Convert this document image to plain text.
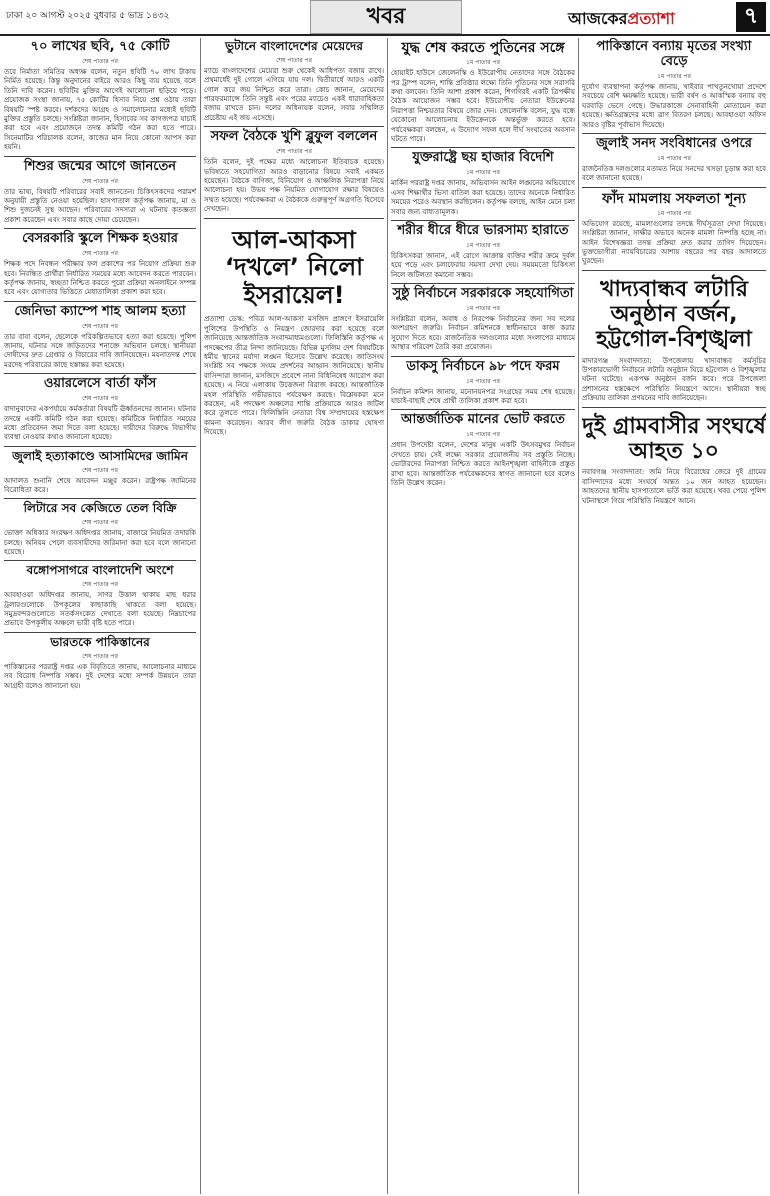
ঢাকা ২০ আগস্ট ২০২৫ বুধবার ৫ ভাদ্র ১৪৩২	খবর	আজকেরপ্রত্যাশা	৭
৭০ লাখের ছবি, ৭৫ কোটি
শেষ পাতার পর

তবে নির্মাতা সমিতির অধ্যক্ষ বলেন, নতুন ছবিটি ৭০ লাখ টাকায় নির্মিত হয়েছে। কিন্তু অনুদানের বাইরে আরও কিছু ব্যয় হয়েছে বলে তিনি দাবি করেন। ছবিটির মুক্তির আগেই আলোচনা ছড়িয়ে পড়ে। প্রযোজক সংস্থা জানায়, ৭৫ কোটির হিসাব নিয়ে প্রশ্ন ওঠায় তারা বিষয়টি স্পষ্ট করবে। দর্শকদের আগ্রহ ও সমালোচনার মধ্যেই ছবিটি মুক্তির প্রস্তুতি চলছে। সংশ্লিষ্টরা জানান, হিসাবের সব কাগজপত্র যাচাই করা হবে এবং প্রয়োজনে তদন্ত কমিটি গঠন করা হতে পারে। সিনেমাটির পরিচালক বলেন, কাজের মান নিয়ে কোনো আপস করা হয়নি।

শিশুর জন্মের আগে জানতেন
শেষ পাতার পর

তার ভাষ্য, বিষয়টি পরিবারের সবাই জানতেন। চিকিৎসকদের পরামর্শ অনুযায়ী প্রস্তুতি নেওয়া হয়েছিল। হাসপাতাল কর্তৃপক্ষ জানায়, মা ও শিশু দুজনেই সুস্থ আছেন। পরিবারের সদস্যরা এ ঘটনায় কৃতজ্ঞতা প্রকাশ করেছেন এবং সবার কাছে দোয়া চেয়েছেন।

বেসরকারি স্কুলে শিক্ষক হওয়ার
শেষ পাতার পর

শিক্ষক পদে নিবন্ধন পরীক্ষার ফল প্রকাশের পর নিয়োগ প্রক্রিয়া শুরু হবে। নিবন্ধিত প্রার্থীরা নির্ধারিত সময়ের মধ্যে আবেদন করতে পারবেন। কর্তৃপক্ষ জানায়, স্বচ্ছতা নিশ্চিত করতে পুরো প্রক্রিয়া অনলাইনে সম্পন্ন হবে এবং যোগ্যতার ভিত্তিতে মেধাতালিকা প্রকাশ করা হবে।

জেনিভা ক্যাম্পে শাহ আলম হত্যা
শেষ পাতার পর

তার বাবা বলেন, ছেলেকে পরিকল্পিতভাবে হত্যা করা হয়েছে। পুলিশ জানায়, ঘটনার সঙ্গে জড়িতদের শনাক্তে অভিযান চলছে। স্থানীয়রা দোষীদের দ্রুত গ্রেপ্তার ও বিচারের দাবি জানিয়েছেন। ময়নাতদন্ত শেষে মরদেহ পরিবারের কাছে হস্তান্তর করা হয়েছে।

ওয়ারলেসে বার্তা ফাঁস
শেষ পাতার পর

বাদানুবাদের একপর্যায়ে কর্মকর্তারা বিষয়টি ঊর্ধ্বতনদের জানান। ঘটনার তদন্তে একটি কমিটি গঠন করা হয়েছে। কমিটিকে নির্ধারিত সময়ের মধ্যে প্রতিবেদন জমা দিতে বলা হয়েছে। দায়ীদের বিরুদ্ধে বিভাগীয় ব্যবস্থা নেওয়ার কথাও জানানো হয়েছে।

জুলাই হত্যাকাণ্ডে আসামিদের জামিন
শেষ পাতার পর

আদালত শুনানি শেষে আবেদন মঞ্জুর করেন। রাষ্ট্রপক্ষ জামিনের বিরোধিতা করে।

লিটারে সব কেজিতে তেল বিক্রি
শেষ পাতার পর

ভোক্তা অধিকার সংরক্ষণ অধিদপ্তর জানায়, বাজারে নিয়মিত তদারকি চলছে। অনিয়ম পেলে ব্যবসায়ীদের জরিমানা করা হবে বলে জানানো হয়েছে।

বঙ্গোপসাগরে বাংলাদেশি অংশে
শেষ পাতার পর

আবহাওয়া অধিদপ্তর জানায়, সাগর উত্তাল থাকায় মাছ ধরার ট্রলারগুলোকে উপকূলের কাছাকাছি থাকতে বলা হয়েছে। সমুদ্রবন্দরগুলোতে সতর্কসংকেত দেখাতে বলা হয়েছে। নিম্নচাপের প্রভাবে উপকূলীয় অঞ্চলে ভারী বৃষ্টি হতে পারে।

ভারতকে পাকিস্তানের
শেষ পাতার পর

পাকিস্তানের পররাষ্ট্র দপ্তর এক বিবৃতিতে জানায়, আলোচনার মাধ্যমে সব বিরোধ নিষ্পত্তি সম্ভব। দুই দেশের মধ্যে সম্পর্ক উন্নয়নে তারা আগ্রহী বলেও জানানো হয়।

ভুটানে বাংলাদেশের মেয়েদের
শেষ পাতার পর

ম্যাচে বাংলাদেশের মেয়েরা শুরু থেকেই আধিপত্য বজায় রাখে। প্রথমার্ধেই দুই গোলে এগিয়ে যায় দল। দ্বিতীয়ার্ধে আরও একটি গোল করে জয় নিশ্চিত করে তারা। কোচ জানান, মেয়েদের পারফরম্যান্সে তিনি সন্তুষ্ট এবং পরের ম্যাচেও একই ধারাবাহিকতা বজায় রাখতে চান। দলের অধিনায়ক বলেন, সবার সম্মিলিত প্রচেষ্টায় এই জয় এসেছে।

সফল বৈঠকে খুশি ব্লুফুল বললেন
শেষ পাতার পর

তিনি বলেন, দুই পক্ষের মধ্যে আলোচনা ইতিবাচক হয়েছে। ভবিষ্যতে সহযোগিতা আরও বাড়ানোর বিষয়ে সবাই একমত হয়েছেন। বৈঠকে বাণিজ্য, বিনিয়োগ ও আঞ্চলিক নিরাপত্তা নিয়ে আলোচনা হয়। উভয় পক্ষ নিয়মিত যোগাযোগ রক্ষার বিষয়েও সম্মত হয়েছে। পর্যবেক্ষকরা এ বৈঠককে গুরুত্বপূর্ণ অগ্রগতি হিসেবে দেখছেন।

আল-আকসা ‘দখলে’ নিলো ইসরায়েল!

প্রত্যাশা ডেস্ক: পবিত্র আল-আকসা মসজিদ প্রাঙ্গণে ইসরায়েলি পুলিশের উপস্থিতি ও নিয়ন্ত্রণ জোরদার করা হয়েছে বলে জানিয়েছে আন্তর্জাতিক সংবাদমাধ্যমগুলো। ফিলিস্তিনি কর্তৃপক্ষ এ পদক্ষেপের তীব্র নিন্দা জানিয়েছে। বিভিন্ন মুসলিম দেশ বিষয়টিকে ধর্মীয় স্থানের মর্যাদা লঙ্ঘন হিসেবে উল্লেখ করেছে। জাতিসংঘ সংশ্লিষ্ট সব পক্ষকে সংযম প্রদর্শনের আহ্বান জানিয়েছে। স্থানীয় বাসিন্দারা জানান, মসজিদে প্রবেশে নানা বিধিনিষেধ আরোপ করা হয়েছে। এ নিয়ে এলাকায় উত্তেজনা বিরাজ করছে। আন্তর্জাতিক মহল পরিস্থিতি গভীরভাবে পর্যবেক্ষণ করছে। বিশ্লেষকরা মনে করছেন, এই পদক্ষেপ অঞ্চলের শান্তি প্রক্রিয়াকে আরও জটিল করে তুলতে পারে। ফিলিস্তিনি নেতারা বিশ্ব সম্প্রদায়ের হস্তক্ষেপ কামনা করেছেন। আরব লীগ জরুরি বৈঠক ডাকার ঘোষণা দিয়েছে।

যুদ্ধ শেষ করতে পুতিনের সঙ্গে
১ম পাতার পর

হোয়াইট হাউসে জেলেনস্কি ও ইউরোপীয় নেতাদের সঙ্গে বৈঠকের পর ট্রাম্প বলেন, শান্তি প্রতিষ্ঠার লক্ষ্যে তিনি পুতিনের সঙ্গে সরাসরি কথা বলবেন। তিনি আশা প্রকাশ করেন, শিগগিরই একটি ত্রিপক্ষীয় বৈঠক আয়োজন সম্ভব হবে। ইউরোপীয় নেতারা ইউক্রেনের নিরাপত্তা নিশ্চয়তার বিষয়ে জোর দেন। জেলেনস্কি বলেন, যুদ্ধ বন্ধে যেকোনো আলোচনায় ইউক্রেনকে অন্তর্ভুক্ত করতে হবে। পর্যবেক্ষকরা বলছেন, এ উদ্যোগ সফল হলে দীর্ঘ সংঘাতের অবসান ঘটতে পারে।

যুক্তরাষ্ট্রে ছয় হাজার বিদেশি
১ম পাতার পর

মার্কিন পররাষ্ট্র দপ্তর জানায়, অভিবাসন আইন লঙ্ঘনের অভিযোগে এসব শিক্ষার্থীর ভিসা বাতিল করা হয়েছে। তাদের অনেকে নির্ধারিত সময়ের পরেও অবস্থান করছিলেন। কর্তৃপক্ষ বলছে, আইন মেনে চলা সবার জন্য বাধ্যতামূলক।

শরীর ধীরে ধীরে ভারসাম্য হারাতে
১ম পাতার পর

চিকিৎসকরা জানান, এই রোগে আক্রান্ত ব্যক্তির শরীর ক্রমে দুর্বল হয়ে পড়ে এবং চলাফেরায় সমস্যা দেখা দেয়। সময়মতো চিকিৎসা নিলে জটিলতা কমানো সম্ভব।

সুষ্ঠু নির্বাচনে সরকারকে সহযোগিতা
১ম পাতার পর

সংশ্লিষ্টরা বলেন, অবাধ ও নিরপেক্ষ নির্বাচনের জন্য সব দলের অংশগ্রহণ জরুরি। নির্বাচন কমিশনকে স্বাধীনভাবে কাজ করার সুযোগ দিতে হবে। রাজনৈতিক দলগুলোর মধ্যে সংলাপের মাধ্যমে আস্থার পরিবেশ তৈরি করা প্রয়োজন।

ডাকসু নির্বাচনে ৯৮ পদে ফরম
১ম পাতার পর

নির্বাচন কমিশন জানায়, মনোনয়নপত্র সংগ্রহের সময় শেষ হয়েছে। যাচাই-বাছাই শেষে প্রার্থী তালিকা প্রকাশ করা হবে।

আন্তর্জাতিক মানের ভোট করতে
১ম পাতার পর

প্রধান উপদেষ্টা বলেন, দেশের মানুষ একটি উৎসবমুখর নির্বাচন দেখতে চায়। সেই লক্ষ্যে সরকার প্রয়োজনীয় সব প্রস্তুতি নিচ্ছে। ভোটারদের নিরাপত্তা নিশ্চিত করতে আইনশৃঙ্খলা বাহিনীকে প্রস্তুত রাখা হবে। আন্তর্জাতিক পর্যবেক্ষকদের স্বাগত জানানো হবে বলেও তিনি উল্লেখ করেন।

পাকিস্তানে বন্যায় মৃতের সংখ্যা বেড়ে
১ম পাতার পর

দুর্যোগ ব্যবস্থাপনা কর্তৃপক্ষ জানায়, খাইবার পাখতুনখোয়া প্রদেশে সবচেয়ে বেশি ক্ষয়ক্ষতি হয়েছে। ভারী বর্ষণ ও আকস্মিক বন্যায় বহু ঘরবাড়ি ভেসে গেছে। উদ্ধারকাজে সেনাবাহিনী মোতায়েন করা হয়েছে। ক্ষতিগ্রস্তদের মধ্যে ত্রাণ বিতরণ চলছে। আবহাওয়া অফিস আরও বৃষ্টির পূর্বাভাস দিয়েছে।

জুলাই সনদ সংবিধানের ওপরে
১ম পাতার পর

রাজনৈতিক দলগুলোর মতামত নিয়ে সনদের খসড়া চূড়ান্ত করা হবে বলে জানানো হয়েছে।

ফাঁদ মামলায় সফলতা শূন্য
১ম পাতার পর

অভিযোগ রয়েছে, মামলাগুলোর তদন্তে দীর্ঘসূত্রতা দেখা দিয়েছে। সংশ্লিষ্টরা জানান, সাক্ষীর অভাবে অনেক মামলা নিষ্পত্তি হচ্ছে না। আইন বিশেষজ্ঞরা তদন্ত প্রক্রিয়া দ্রুত করার তাগিদ দিয়েছেন। ভুক্তভোগীরা ন্যায়বিচারের আশায় বছরের পর বছর আদালতে ঘুরছেন।

খাদ্যবান্ধব লটারি অনুষ্ঠান বর্জন, হট্টগোল-বিশৃঙ্খলা

মাদারগঞ্জ সংবাদদাতা: উপজেলায় খাদ্যবান্ধব কর্মসূচির উপকারভোগী নির্বাচনে লটারি অনুষ্ঠান ঘিরে হট্টগোল ও বিশৃঙ্খলার ঘটনা ঘটেছে। একপক্ষ অনুষ্ঠান বর্জন করে। পরে উপজেলা প্রশাসনের হস্তক্ষেপে পরিস্থিতি নিয়ন্ত্রণে আসে। স্থানীয়রা স্বচ্ছ প্রক্রিয়ায় তালিকা প্রণয়নের দাবি জানিয়েছেন।

দুই গ্রামবাসীর সংঘর্ষে আহত ১০

নবাবগঞ্জ সংবাদদাতা: জমি নিয়ে বিরোধের জেরে দুই গ্রামের বাসিন্দাদের মধ্যে সংঘর্ষে অন্তত ১০ জন আহত হয়েছেন। আহতদের স্থানীয় হাসপাতালে ভর্তি করা হয়েছে। খবর পেয়ে পুলিশ ঘটনাস্থলে গিয়ে পরিস্থিতি নিয়ন্ত্রণে আনে।
